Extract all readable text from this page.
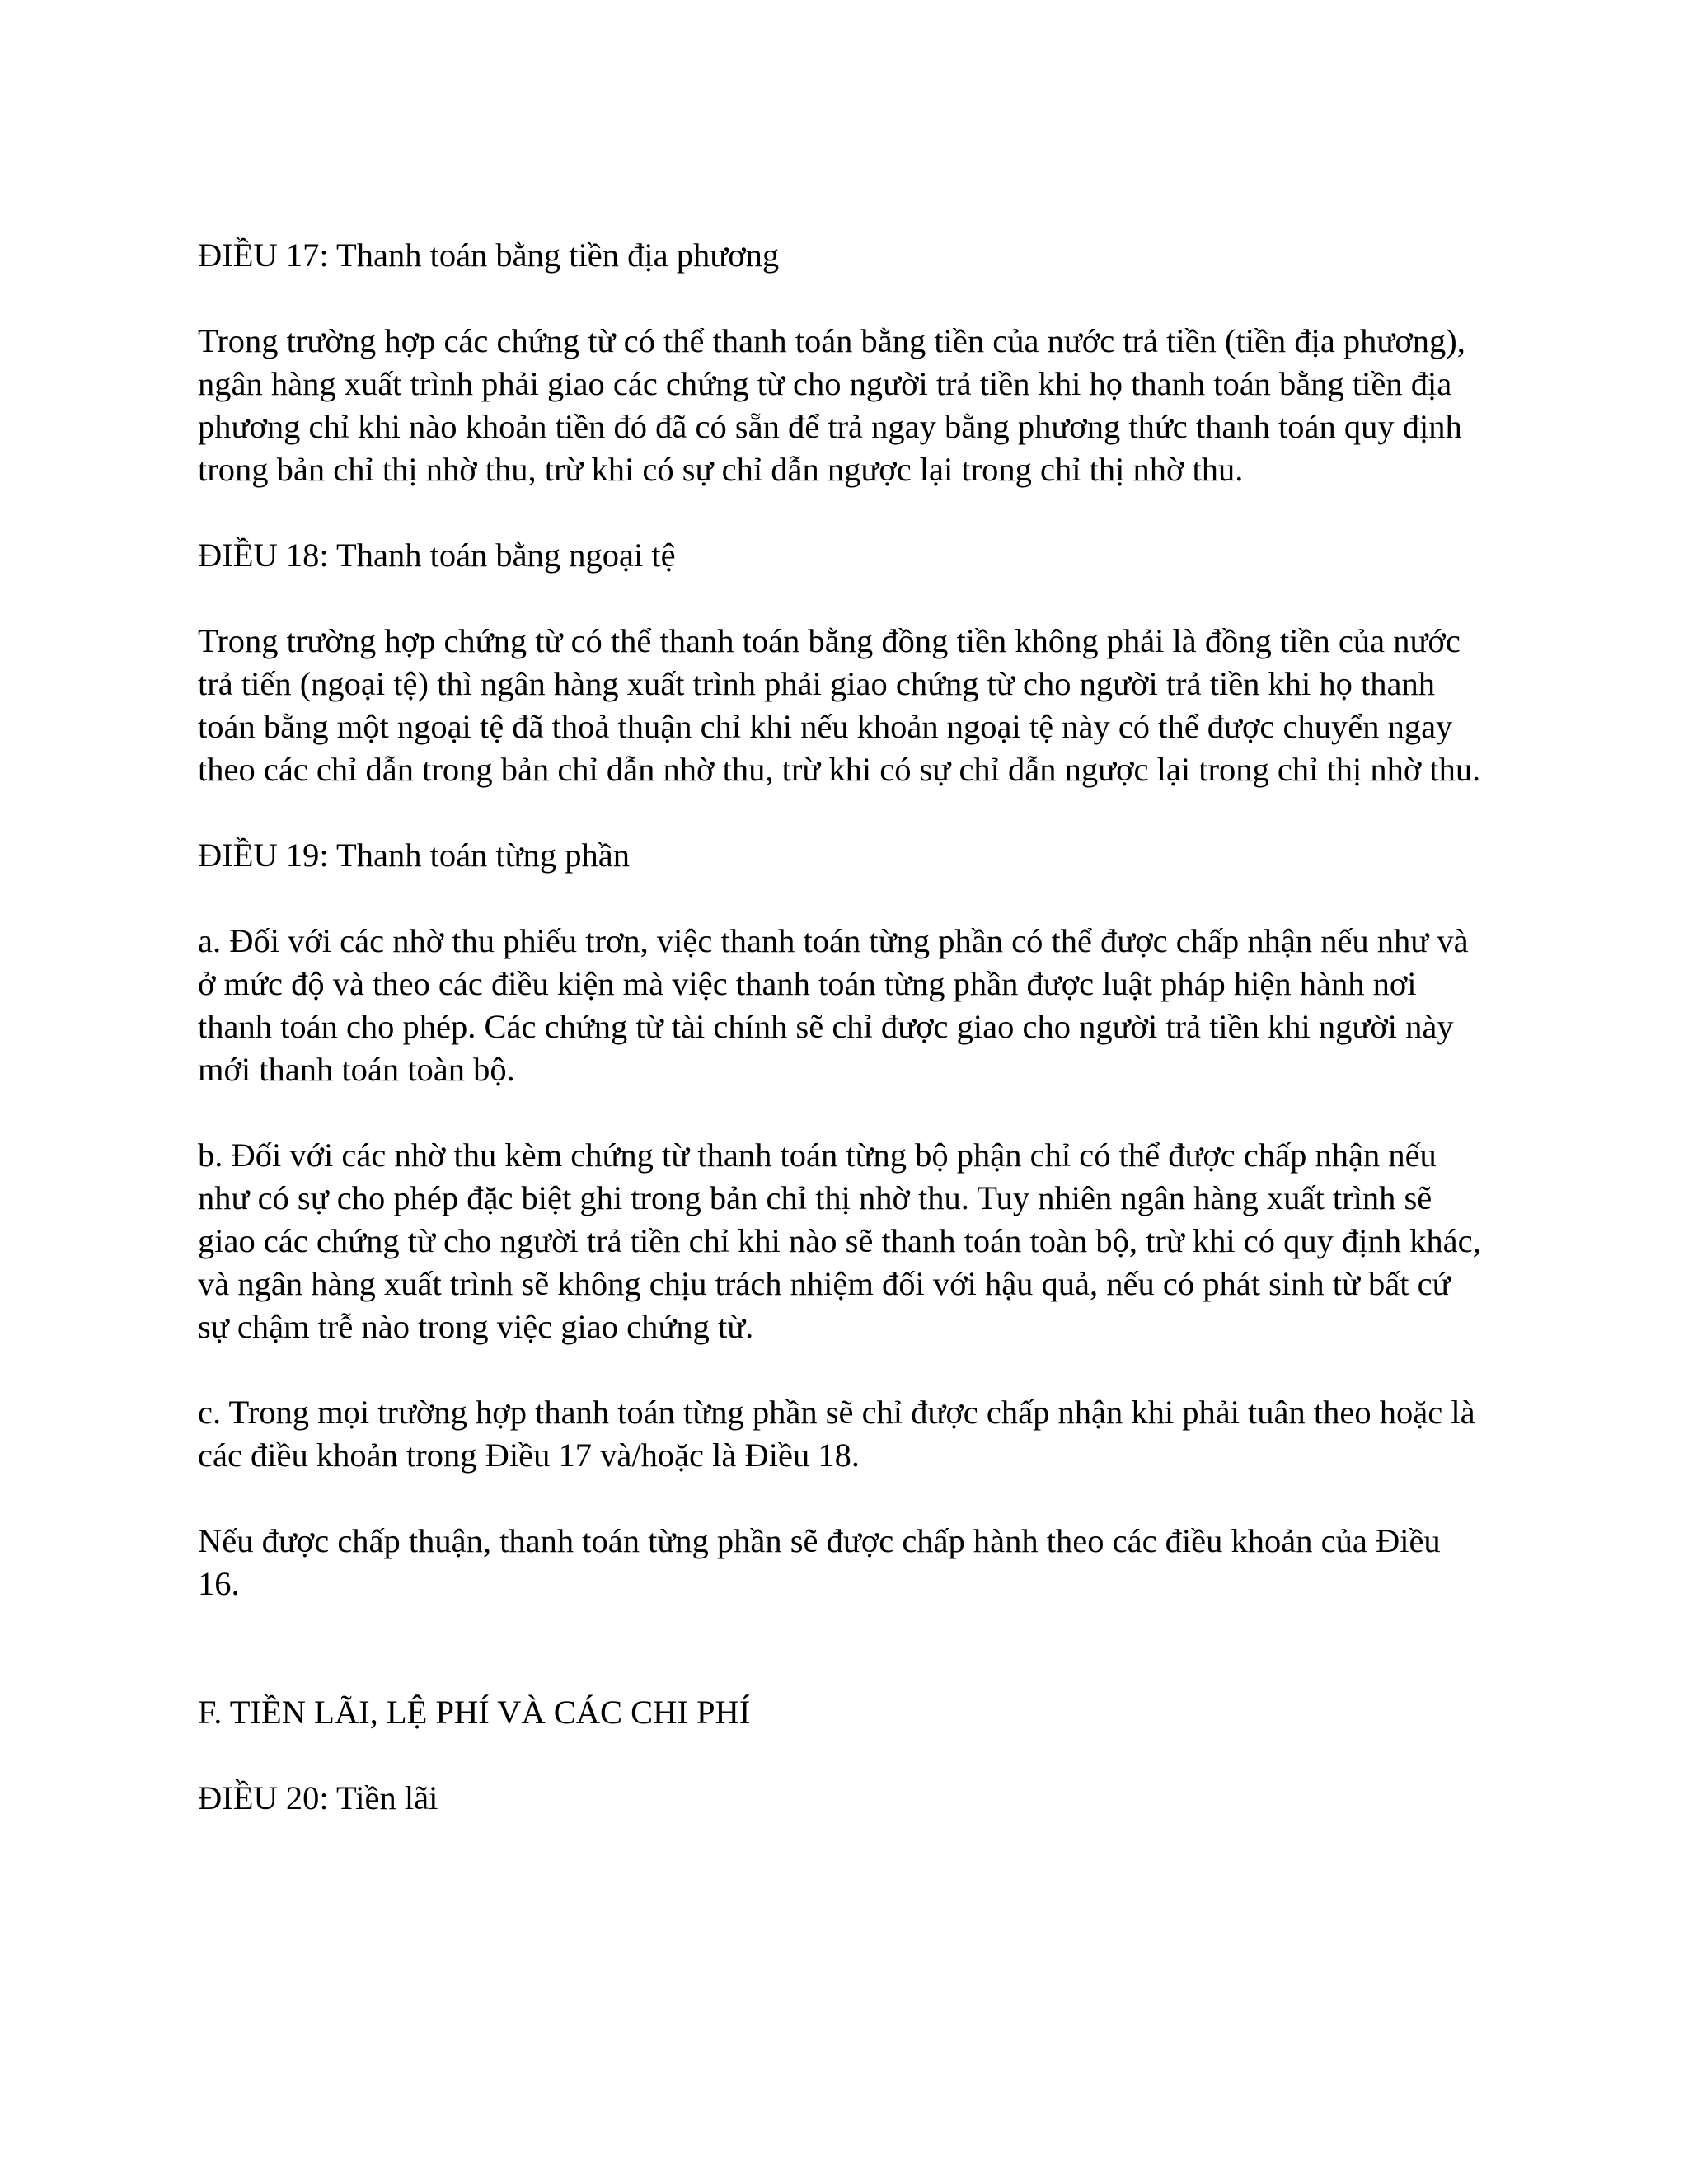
ĐIỀU 17: Thanh toán bằng tiền địa phương

Trong trường hợp các chứng từ có thể thanh toán bằng tiền của nước trả tiền (tiền địa phương), ngân hàng xuất trình phải giao các chứng từ cho người trả tiền khi họ thanh toán bằng tiền địa phương chỉ khi nào khoản tiền đó đã có sẵn để trả ngay bằng phương thức thanh toán quy định trong bản chỉ thị nhờ thu, trừ khi có sự chỉ dẫn ngược lại trong chỉ thị nhờ thu.

ĐIỀU 18: Thanh toán bằng ngoại tệ

Trong trường hợp chứng từ có thể thanh toán bằng đồng tiền không phải là đồng tiền của nước trả tiến (ngoại tệ) thì ngân hàng xuất trình phải giao chứng từ cho người trả tiền khi họ thanh toán bằng một ngoại tệ đã thoả thuận chỉ khi nếu khoản ngoại tệ này có thể được chuyển ngay theo các chỉ dẫn trong bản chỉ dẫn nhờ thu, trừ khi có sự chỉ dẫn ngược lại trong chỉ thị nhờ thu.

ĐIỀU 19: Thanh toán từng phần

a. Đối với các nhờ thu phiếu trơn, việc thanh toán từng phần có thể được chấp nhận nếu như và ở mức độ và theo các điều kiện mà việc thanh toán từng phần được luật pháp hiện hành nơi thanh toán cho phép. Các chứng từ tài chính sẽ chỉ được giao cho người trả tiền khi người này mới thanh toán toàn bộ.

b. Đối với các nhờ thu kèm chứng từ thanh toán từng bộ phận chỉ có thể được chấp nhận nếu như có sự cho phép đặc biệt ghi trong bản chỉ thị nhờ thu. Tuy nhiên ngân hàng xuất trình sẽ giao các chứng từ cho người trả tiền chỉ khi nào sẽ thanh toán toàn bộ, trừ khi có quy định khác, và ngân hàng xuất trình sẽ không chịu trách nhiệm đối với hậu quả, nếu có phát sinh từ bất cứ sự chậm trễ nào trong việc giao chứng từ.

c. Trong mọi trường hợp thanh toán từng phần sẽ chỉ được chấp nhận khi phải tuân theo hoặc là các điều khoản trong Điều 17 và/hoặc là Điều 18.

Nếu được chấp thuận, thanh toán từng phần sẽ được chấp hành theo các điều khoản của Điều 16.

F. TIỀN LÃI, LỆ PHÍ VÀ CÁC CHI PHÍ

ĐIỀU 20: Tiền lãi
